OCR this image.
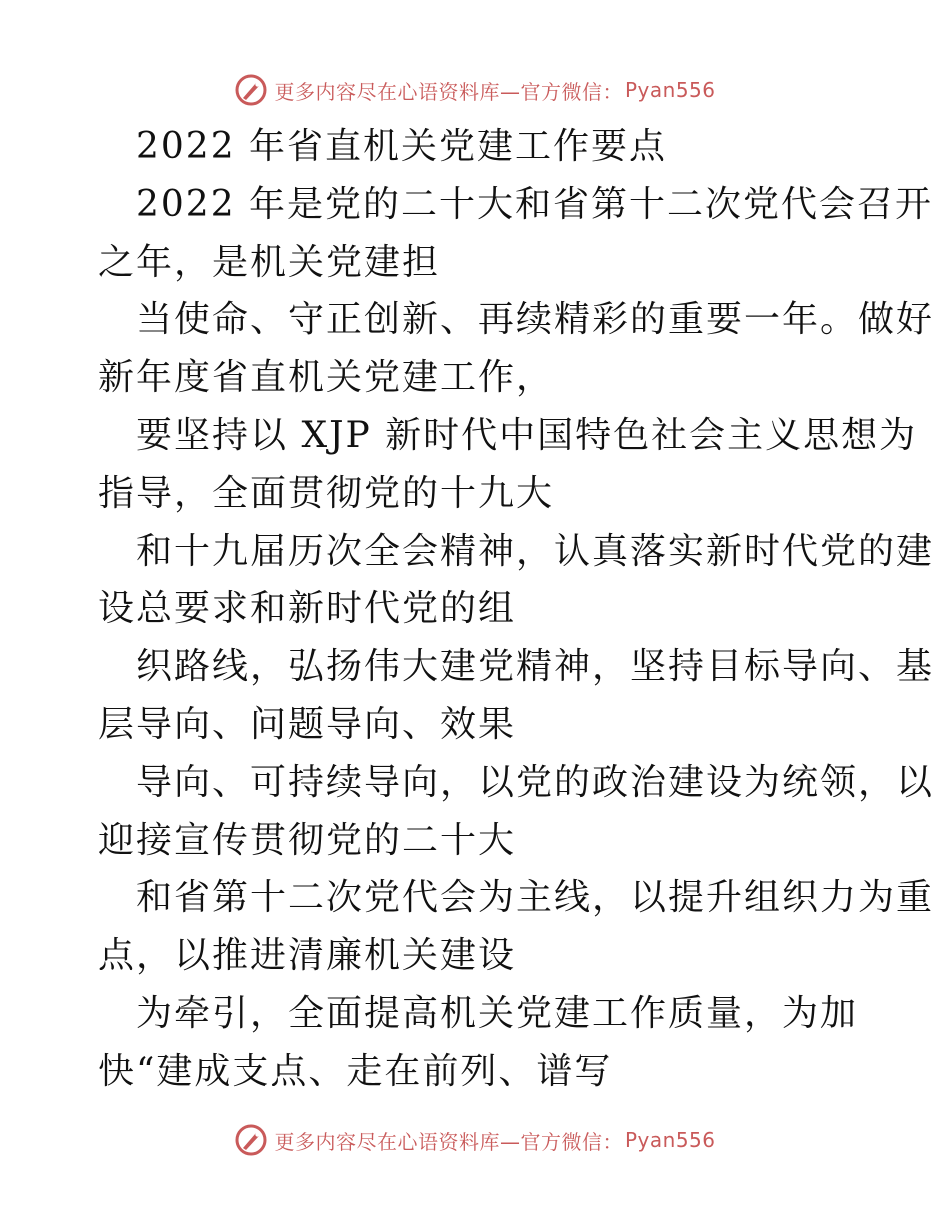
更多内容尽在心语资料库—官方微信： Pyan556
2022 年省直机关党建工作要点
2022 年是党的二十大和省第十二次党代会召开
之年，是机关党建担
当使命、守正创新、再续精彩的重要一年。做好
新年度省直机关党建工作，
要坚持以 XJP 新时代中国特色社会主义思想为
指导，全面贯彻党的十九大
和十九届历次全会精神，认真落实新时代党的建
设总要求和新时代党的组
织路线，弘扬伟大建党精神，坚持目标导向、基
层导向、问题导向、效果
导向、可持续导向，以党的政治建设为统领，以
迎接宣传贯彻党的二十大
和省第十二次党代会为主线，以提升组织力为重
点，以推进清廉机关建设
为牵引，全面提高机关党建工作质量，为加
快“建成支点、走在前列、谱写
更多内容尽在心语资料库—官方微信： Pyan556
